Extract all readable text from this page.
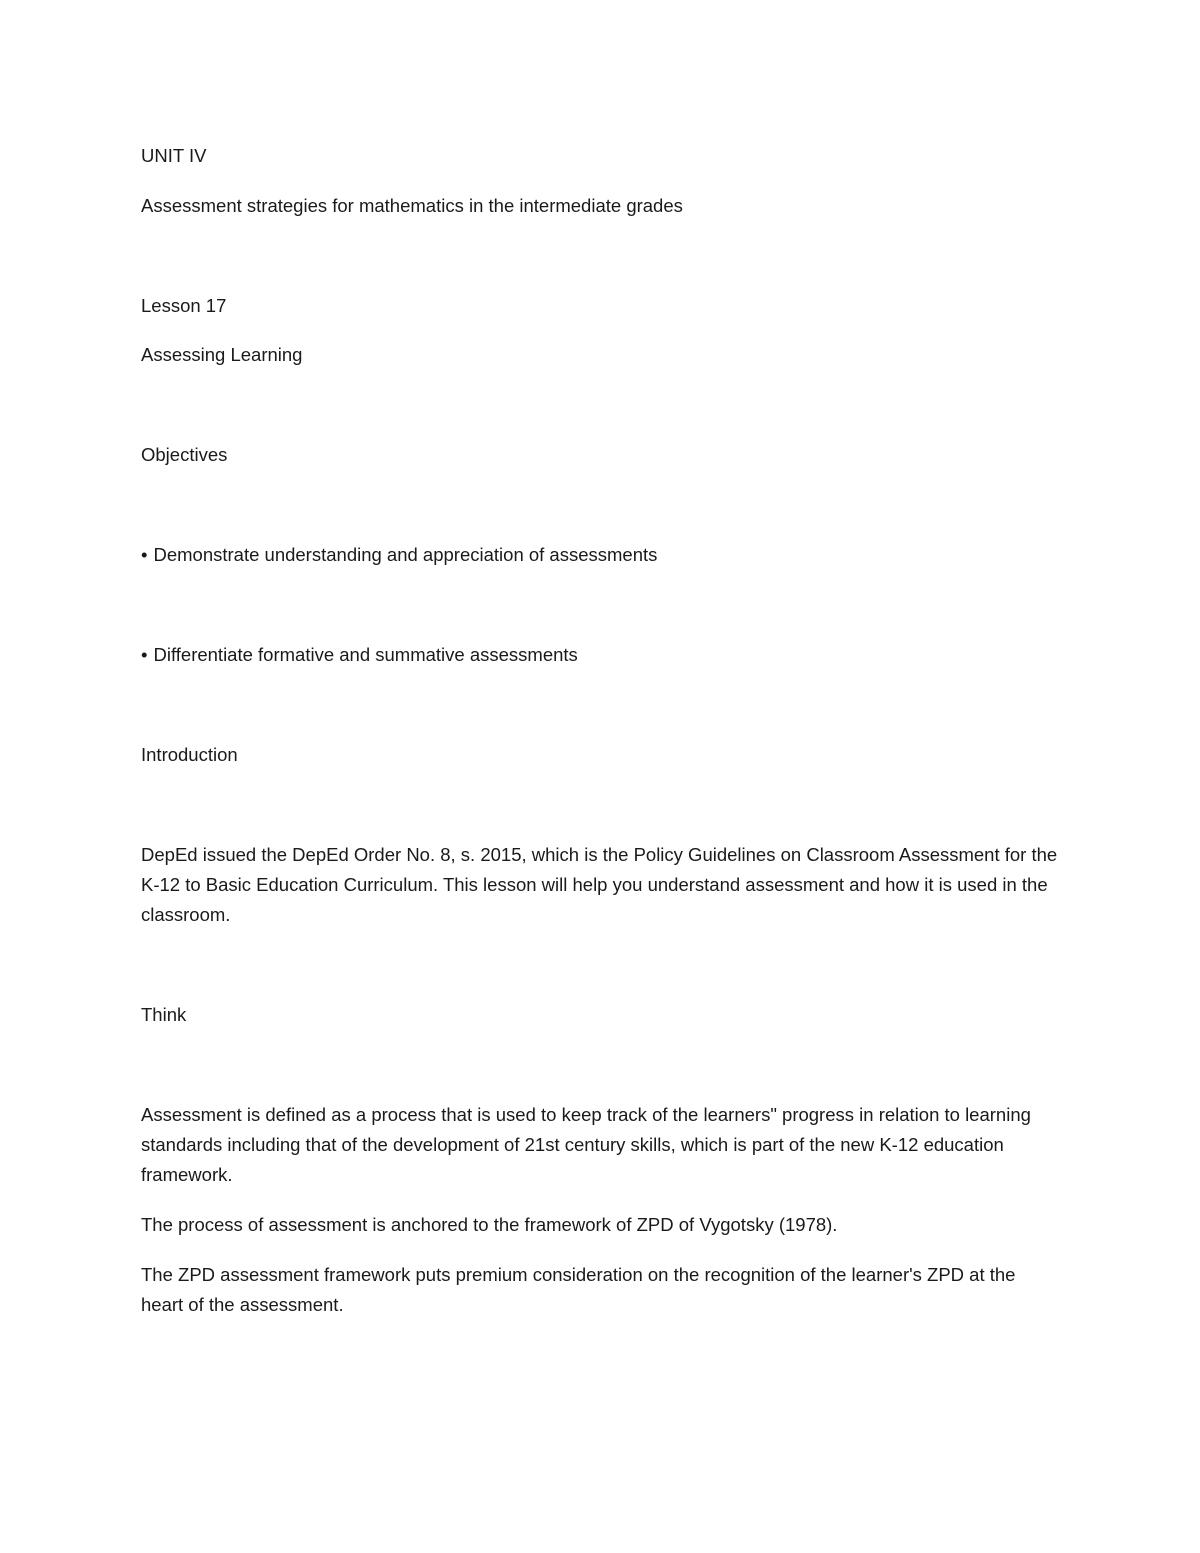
UNIT IV

Assessment strategies for mathematics in the intermediate grades

Lesson 17

Assessing Learning

Objectives

• Demonstrate understanding and appreciation of assessments

• Differentiate formative and summative assessments

Introduction

DepEd issued the DepEd Order No. 8, s. 2015, which is the Policy Guidelines on Classroom Assessment for the K-12 to Basic Education Curriculum. This lesson will help you understand assessment and how it is used in the classroom.

Think

Assessment is defined as a process that is used to keep track of the learners" progress in relation to learning standards including that of the development of 21st century skills, which is part of the new K-12 education framework.

The process of assessment is anchored to the framework of ZPD of Vygotsky (1978).

The ZPD assessment framework puts premium consideration on the recognition of the learner's ZPD at the heart of the assessment.
